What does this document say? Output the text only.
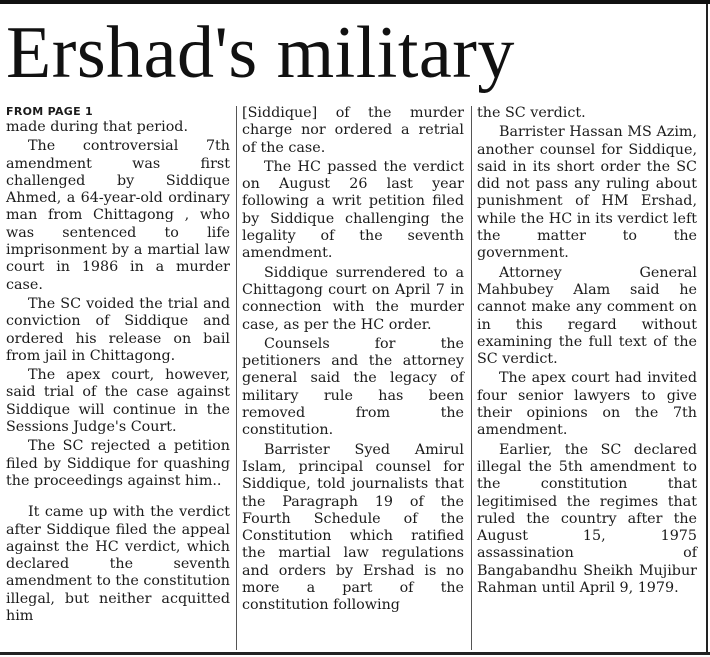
Ershad's military
FROM PAGE 1

made during that period.

The controversial 7th amendment was first challenged by Siddique Ahmed, a 64-year-old ordinary man from Chittagong , who was sentenced to life imprisonment by a martial law court in 1986 in a murder case.

The SC voided the trial and conviction of Siddique and ordered his release on bail from jail in Chittagong.

The apex court, however, said trial of the case against Siddique will continue in the Sessions Judge's Court.

The SC rejected a petition filed by Siddique for quashing the proceedings against him..

It came up with the verdict after Siddique filed the appeal against the HC verdict, which declared the seventh amendment to the constitution illegal, but neither acquitted him

[Siddique] of the murder charge nor ordered a retrial of the case.

The HC passed the verdict on August 26 last year following a writ petition filed by Siddique challenging the legality of the seventh amendment.

Siddique surrendered to a Chittagong court on April 7 in connection with the murder case, as per the HC order.

Counsels for the petitioners and the attorney general said the legacy of military rule has been removed from the constitution.

Barrister Syed Amirul Islam, principal counsel for Siddique, told journalists that the Paragraph 19 of the Fourth Schedule of the Constitution which ratified the martial law regulations and orders by Ershad is no more a part of the constitution following

the SC verdict.

Barrister Hassan MS Azim, another counsel for Siddique, said in its short order the SC did not pass any ruling about punishment of HM Ershad, while the HC in its verdict left the matter to the government.

Attorney General Mahbubey Alam said he cannot make any comment on in this regard without examining the full text of the SC verdict.

The apex court had invited four senior lawyers to give their opinions on the 7th amendment.

Earlier, the SC declared illegal the 5th amendment to the constitution that legitimised the regimes that ruled the country after the August 15, 1975 assassination of Bangabandhu Sheikh Mujibur Rahman until April 9, 1979.
